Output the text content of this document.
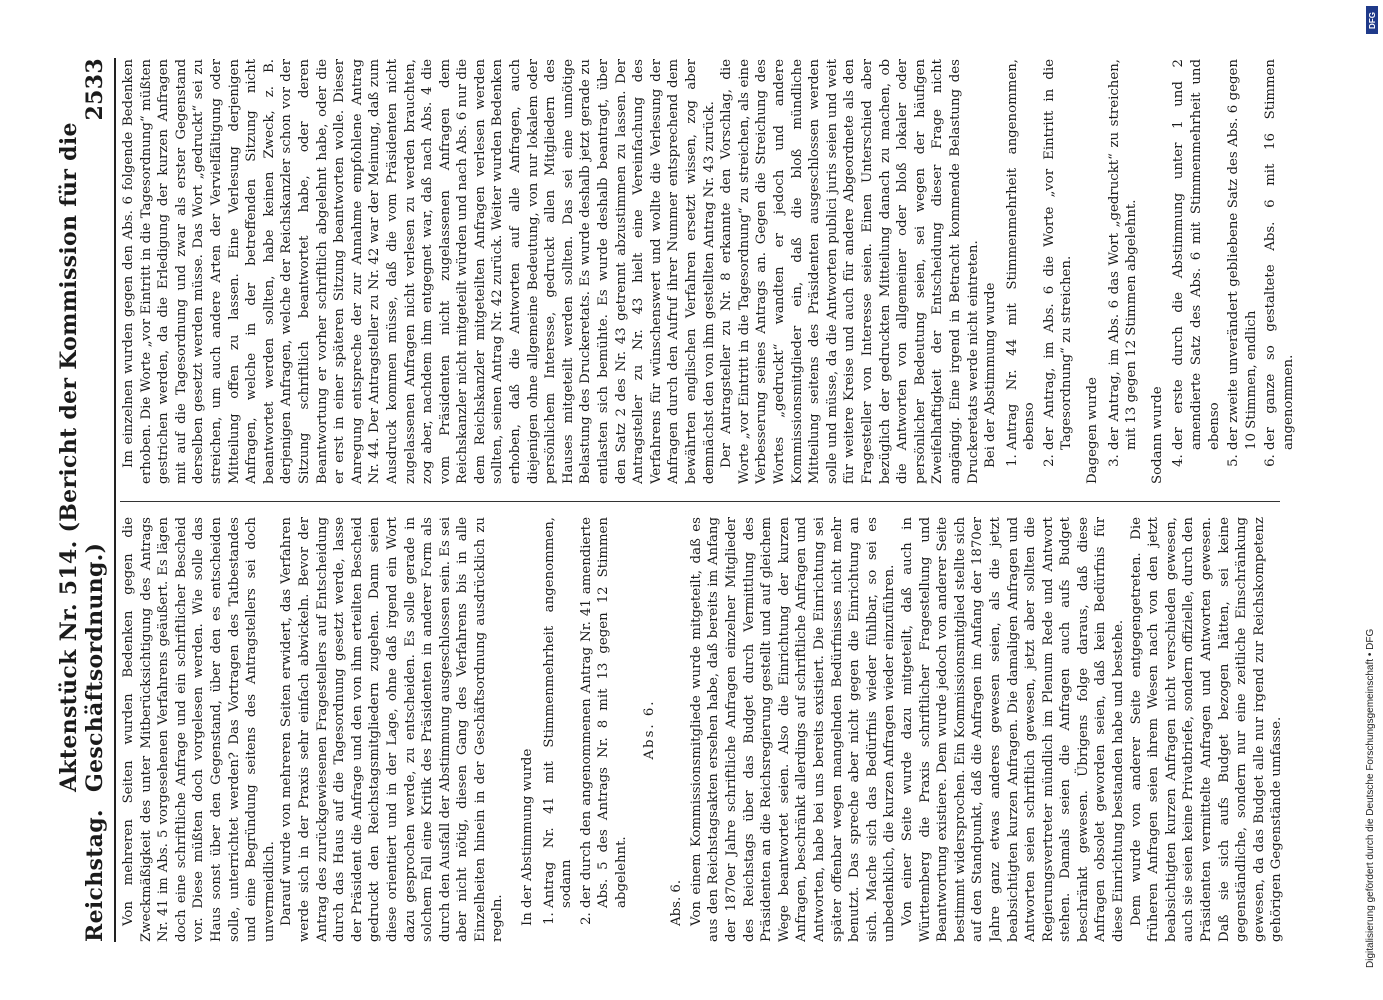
Reichstag.
Aktenstück Nr. 514. (Bericht der Kommission für die Geschäftsordnung.)
2533

Von mehreren Seiten wurden Bedenken gegen die Zweckmäßigkeit des unter Mitberücksichtigung des Antrags Nr. 41 im Abs. 5 vorgesehenen Verfahrens geäußert. Es lägen doch eine schriftliche Anfrage und ein schriftlicher Bescheid vor. Diese müßten doch vorgelesen werden. Wie solle das Haus sonst über den Gegenstand, über den es entscheiden solle, unterrichtet werden? Das Vortragen des Tatbestandes und eine Begründung seitens des Antragstellers sei doch unvermeidlich. Darauf wurde von mehreren Seiten erwidert, das Verfahren werde sich in der Praxis sehr einfach abwickeln. Bevor der Antrag des zurückgewiesenen Fragestellers auf Entscheidung durch das Haus auf die Tagesordnung gesetzt werde, lasse der Präsident die Anfrage und den von ihm erteilten Bescheid gedruckt den Reichstagsmitgliedern zugehen. Dann seien diese orientiert und in der Lage, ohne daß irgend ein Wort dazu gesprochen werde, zu entscheiden. Es solle gerade in solchem Fall eine Kritik des Präsidenten in anderer Form als durch den Ausfall der Abstimmung ausgeschlossen sein. Es sei aber nicht nötig, diesen Gang des Verfahrens bis in alle Einzelheiten hinein in der Geschäftsordnung ausdrücklich zu regeln. In der Abstimmung wurde 1. Antrag Nr. 41 mit Stimmenmehrheit angenommen, sodann 2. der durch den angenommenen Antrag Nr. 41 amendierte Abs. 5 des Antrags Nr. 8 mit 13 gegen 12 Stimmen abgelehnt.

Abs. 6.

Abs. 6. Von einem Kommissionsmitgliede wurde mitgeteilt, daß es aus den Reichstagsakten ersehen habe, daß bereits im Anfang der 1870er Jahre schriftliche Anfragen einzelner Mitglieder des Reichstags über das Budget durch Vermittlung des Präsidenten an die Reichsregierung gestellt und auf gleichem Wege beantwortet seien. Also die Einrichtung der kurzen Anfragen, beschränkt allerdings auf schriftliche Anfragen und Antworten, habe bei uns bereits existiert. Die Einrichtung sei später offenbar wegen mangelnden Bedürfnisses nicht mehr benutzt. Das spreche aber nicht gegen die Einrichtung an sich. Mache sich das Bedürfnis wieder fühlbar, so sei es unbedenklich, die kurzen Anfragen wieder einzuführen. Von einer Seite wurde dazu mitgeteilt, daß auch in Württemberg die Praxis schriftlicher Fragestellung und Beantwortung existiere. Dem wurde jedoch von anderer Seite bestimmt widersprochen. Ein Kommissionsmitglied stellte sich auf den Standpunkt, daß die Anfragen im Anfang der 1870er Jahre ganz etwas anderes gewesen seien, als die jetzt beabsichtigten kurzen Anfragen. Die damaligen Anfragen und Antworten seien schriftlich gewesen, jetzt aber sollten die Regierungsvertreter mündlich im Plenum Rede und Antwort stehen. Damals seien die Anfragen auch aufs Budget beschränkt gewesen. Übrigens folge daraus, daß diese Anfragen obsolet geworden seien, daß kein Bedürfnis für diese Einrichtung bestanden habe und bestehe. Dem wurde von anderer Seite entgegengetreten. Die früheren Anfragen seien ihrem Wesen nach von den jetzt beabsichtigten kurzen Anfragen nicht verschieden gewesen, auch sie seien keine Privatbriefe, sondern offizielle, durch den Präsidenten vermittelte Anfragen und Antworten gewesen. Daß sie sich aufs Budget bezogen hätten, sei keine gegenständliche, sondern nur eine zeitliche Einschränkung gewesen, da das Budget alle nur irgend zur Reichskompetenz gehörigen Gegenstände umfasse.

Im einzelnen wurden gegen den Abs. 6 folgende Bedenken erhoben. Die Worte „vor Eintritt in die Tagesordnung“ müßten gestrichen werden, da die Erledigung der kurzen Anfragen mit auf die Tagesordnung und zwar als erster Gegenstand derselben gesetzt werden müsse. Das Wort „gedruckt“ sei zu streichen, um auch andere Arten der Vervielfältigung oder Mitteilung offen zu lassen. Eine Verlesung derjenigen Anfragen, welche in der betreffenden Sitzung nicht beantwortet werden sollten, habe keinen Zweck, z. B. derjenigen Anfragen, welche der Reichskanzler schon vor der Sitzung schriftlich beantwortet habe, oder deren Beantwortung er vorher schriftlich abgelehnt habe, oder die er erst in einer späteren Sitzung beantworten wolle. Dieser Anregung entspreche der zur Annahme empfohlene Antrag Nr. 44. Der Antragsteller zu Nr. 42 war der Meinung, daß zum Ausdruck kommen müsse, daß die vom Präsidenten nicht zugelassenen Anfragen nicht verlesen zu werden brauchten, zog aber, nachdem ihm entgegnet war, daß nach Abs. 4 die vom Präsidenten nicht zugelassenen Anfragen dem Reichskanzler nicht mitgeteilt würden und nach Abs. 6 nur die dem Reichskanzler mitgeteilten Anfragen verlesen werden sollten, seinen Antrag Nr. 42 zurück. Weiter wurden Bedenken erhoben, daß die Antworten auf alle Anfragen, auch diejenigen ohne allgemeine Bedeutung, von nur lokalem oder persönlichem Interesse, gedruckt allen Mitgliedern des Hauses mitgeteilt werden sollten. Das sei eine unnötige Belastung des Druckeretats. Es wurde deshalb jetzt gerade zu entlasten sich bemühte. Es wurde deshalb beantragt, über den Satz 2 des Nr. 43 getrennt abzustimmen zu lassen. Der Antragsteller zu Nr. 43 hielt eine Vereinfachung des Verfahrens für wünschenswert und wollte die Verlesung der Anfragen durch den Aufruf ihrer Nummer entsprechend dem bewährten englischen Verfahren ersetzt wissen, zog aber demnächst den von ihm gestellten Antrag Nr. 43 zurück. Der Antragsteller zu Nr. 8 erkannte den Vorschlag, die Worte „vor Eintritt in die Tagesordnung“ zu streichen, als eine Verbesserung seines Antrags an. Gegen die Streichung des Wortes „gedruckt“ wandten er jedoch und andere Kommissionsmitglieder ein, daß die bloß mündliche Mitteilung seitens des Präsidenten ausgeschlossen werden solle und müsse, da die Antworten publici juris seien und weit für weitere Kreise und auch für andere Abgeordnete als den Fragesteller von Interesse seien. Einen Unterschied aber bezüglich der gedruckten Mitteilung danach zu machen, ob die Antworten von allgemeiner oder bloß lokaler oder persönlicher Bedeutung seien, sei wegen der häufigen Zweifelhaftigkeit der Entscheidung dieser Frage nicht angängig. Eine irgend in Betracht kommende Belastung des Druckeretats werde nicht eintreten. Bei der Abstimmung wurde 1. Antrag Nr. 44 mit Stimmenmehrheit angenommen, ebenso 2. der Antrag, im Abs. 6 die Worte „vor Eintritt in die Tagesordnung“ zu streichen. Dagegen wurde 3. der Antrag, im Abs. 6 das Wort „gedruckt“ zu streichen, mit 13 gegen 12 Stimmen abgelehnt. Sodann wurde 4. der erste durch die Abstimmung unter 1 und 2 amendierte Satz des Abs. 6 mit Stimmenmehrheit und ebenso 5. der zweite unverändert gebliebene Satz des Abs. 6 gegen 10 Stimmen, endlich 6. der ganze so gestaltete Abs. 6 mit 16 Stimmen angenommen.
Digitalisierung gefördert durch die Deutsche Forschungsgemeinschaft • DFG
DFG
